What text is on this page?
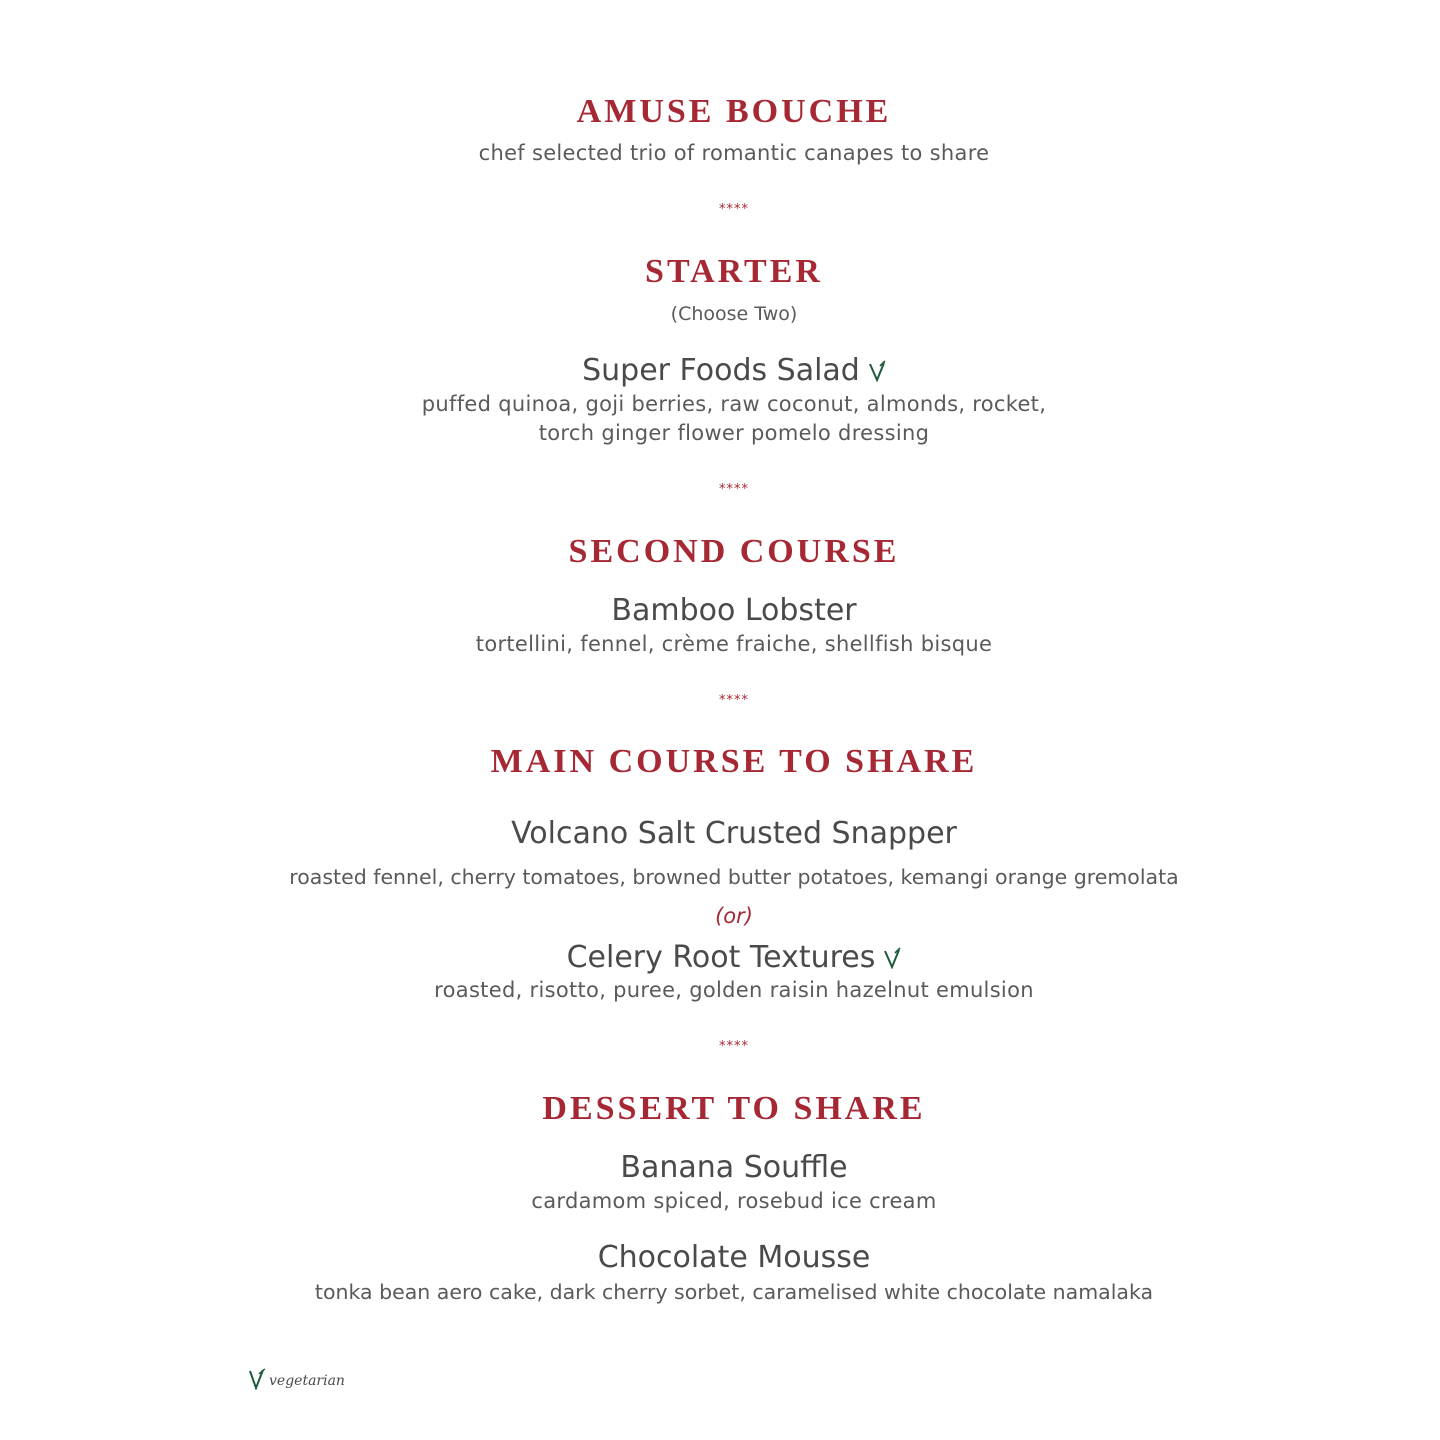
AMUSE BOUCHE
chef selected trio of romantic canapes to share
****
STARTER
(Choose Two)
Super Foods Salad
puffed quinoa, goji berries, raw coconut, almonds, rocket,
torch ginger flower pomelo dressing
****
SECOND COURSE
Bamboo Lobster
tortellini, fennel, crème fraiche, shellfish bisque
****
MAIN COURSE TO SHARE
Volcano Salt Crusted Snapper
roasted fennel, cherry tomatoes, browned butter potatoes, kemangi orange gremolata
(or)
Celery Root Textures
roasted, risotto, puree, golden raisin hazelnut emulsion
****
DESSERT TO SHARE
Banana Souffle
cardamom spiced, rosebud ice cream
Chocolate Mousse
tonka bean aero cake, dark cherry sorbet, caramelised white chocolate namalaka
vegetarian
